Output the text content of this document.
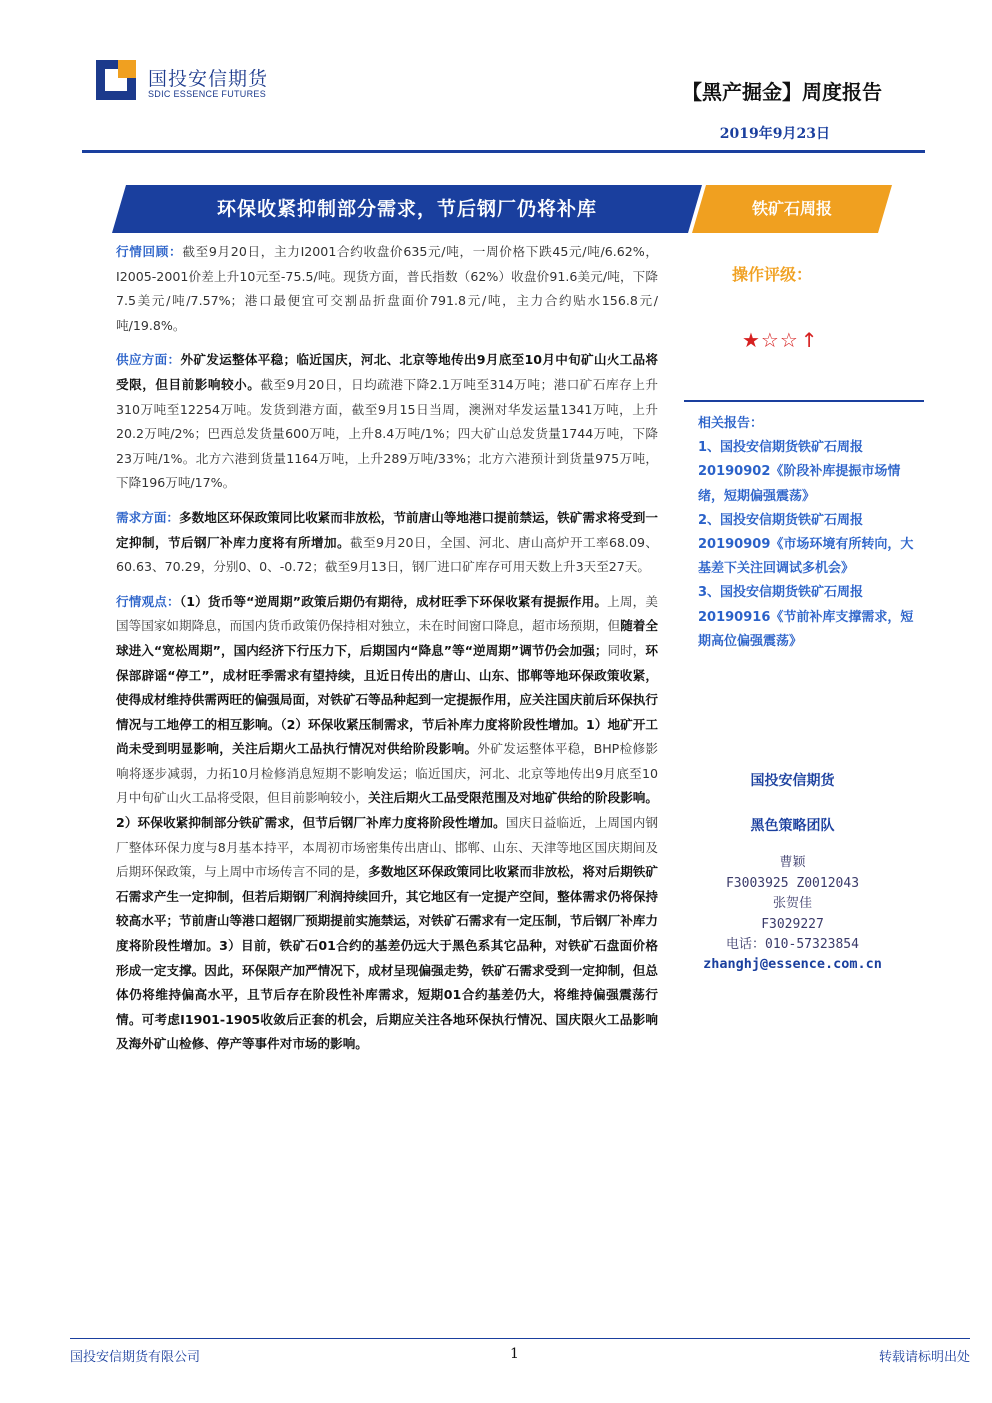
国投安信期货
SDIC ESSENCE FUTURES	【黑产掘金】周度报告
2019年9月23日
环保收紧抑制部分需求，节后钢厂仍将补库	铁矿石周报

行情回顾：截至9月20日，主力I2001合约收盘价635元/吨，一周价格下跌45元/吨/6.62%，I2005-2001价差上升10元至-75.5/吨。现货方面，普氏指数（62%）收盘价91.6美元/吨，下降7.5美元/吨/7.57%；港口最便宜可交割品折盘面价791.8元/吨，主力合约贴水156.8元/吨/19.8%。

供应方面：外矿发运整体平稳；临近国庆，河北、北京等地传出9月底至10月中旬矿山火工品将受限，但目前影响较小。截至9月20日，日均疏港下降2.1万吨至314万吨；港口矿石库存上升310万吨至12254万吨。发货到港方面，截至9月15日当周，澳洲对华发运量1341万吨，上升20.2万吨/2%；巴西总发货量600万吨，上升8.4万吨/1%；四大矿山总发货量1744万吨，下降23万吨/1%。北方六港到货量1164万吨，上升289万吨/33%；北方六港预计到货量975万吨，下降196万吨/17%。

需求方面：多数地区环保政策同比收紧而非放松，节前唐山等地港口提前禁运，铁矿需求将受到一定抑制，节后钢厂补库力度将有所增加。截至9月20日，全国、河北、唐山高炉开工率68.09、60.63、70.29，分别0、0、-0.72；截至9月13日，钢厂进口矿库存可用天数上升3天至27天。

行情观点：（1）货币等“逆周期”政策后期仍有期待，成材旺季下环保收紧有提振作用。上周，美国等国家如期降息，而国内货币政策仍保持相对独立，未在时间窗口降息，超市场预期，但随着全球进入“宽松周期”，国内经济下行压力下，后期国内“降息”等“逆周期”调节仍会加强；同时，环保部辟谣“停工”，成材旺季需求有望持续，且近日传出的唐山、山东、邯郸等地环保政策收紧，使得成材维持供需两旺的偏强局面，对铁矿石等品种起到一定提振作用，应关注国庆前后环保执行情况与工地停工的相互影响。（2）环保收紧压制需求，节后补库力度将阶段性增加。1）地矿开工尚未受到明显影响，关注后期火工品执行情况对供给阶段影响。外矿发运整体平稳，BHP检修影响将逐步减弱，力拓10月检修消息短期不影响发运；临近国庆，河北、北京等地传出9月底至10月中旬矿山火工品将受限，但目前影响较小，关注后期火工品受限范围及对地矿供给的阶段影响。2）环保收紧抑制部分铁矿需求，但节后钢厂补库力度将阶段性增加。国庆日益临近，上周国内钢厂整体环保力度与8月基本持平，本周初市场密集传出唐山、邯郸、山东、天津等地区国庆期间及后期环保政策，与上周中市场传言不同的是，多数地区环保政策同比收紧而非放松，将对后期铁矿石需求产生一定抑制，但若后期钢厂利润持续回升，其它地区有一定提产空间，整体需求仍将保持较高水平；节前唐山等港口超钢厂预期提前实施禁运，对铁矿石需求有一定压制，节后钢厂补库力度将阶段性增加。3）目前，铁矿石01合约的基差仍远大于黑色系其它品种，对铁矿石盘面价格形成一定支撑。因此，环保限产加严情况下，成材呈现偏强走势，铁矿石需求受到一定抑制，但总体仍将维持偏高水平，且节后存在阶段性补库需求，短期01合约基差仍大，将维持偏强震荡行情。可考虑I1901-1905收敛后正套的机会，后期应关注各地环保执行情况、国庆限火工品影响及海外矿山检修、停产等事件对市场的影响。

操作评级：
★☆☆ ↑
相关报告：
1、国投安信期货铁矿石周报20190902《阶段补库提振市场情绪，短期偏强震荡》
2、国投安信期货铁矿石周报20190909《市场环境有所转向，大基差下关注回调试多机会》
3、国投安信期货铁矿石周报20190916《节前补库支撑需求，短期高位偏强震荡》
国投安信期货
黑色策略团队
曹颖
F3003925 Z0012043
张贺佳
F3029227
电话：010-57323854
zhanghj@essence.com.cn
国投安信期货有限公司	1	转载请标明出处
